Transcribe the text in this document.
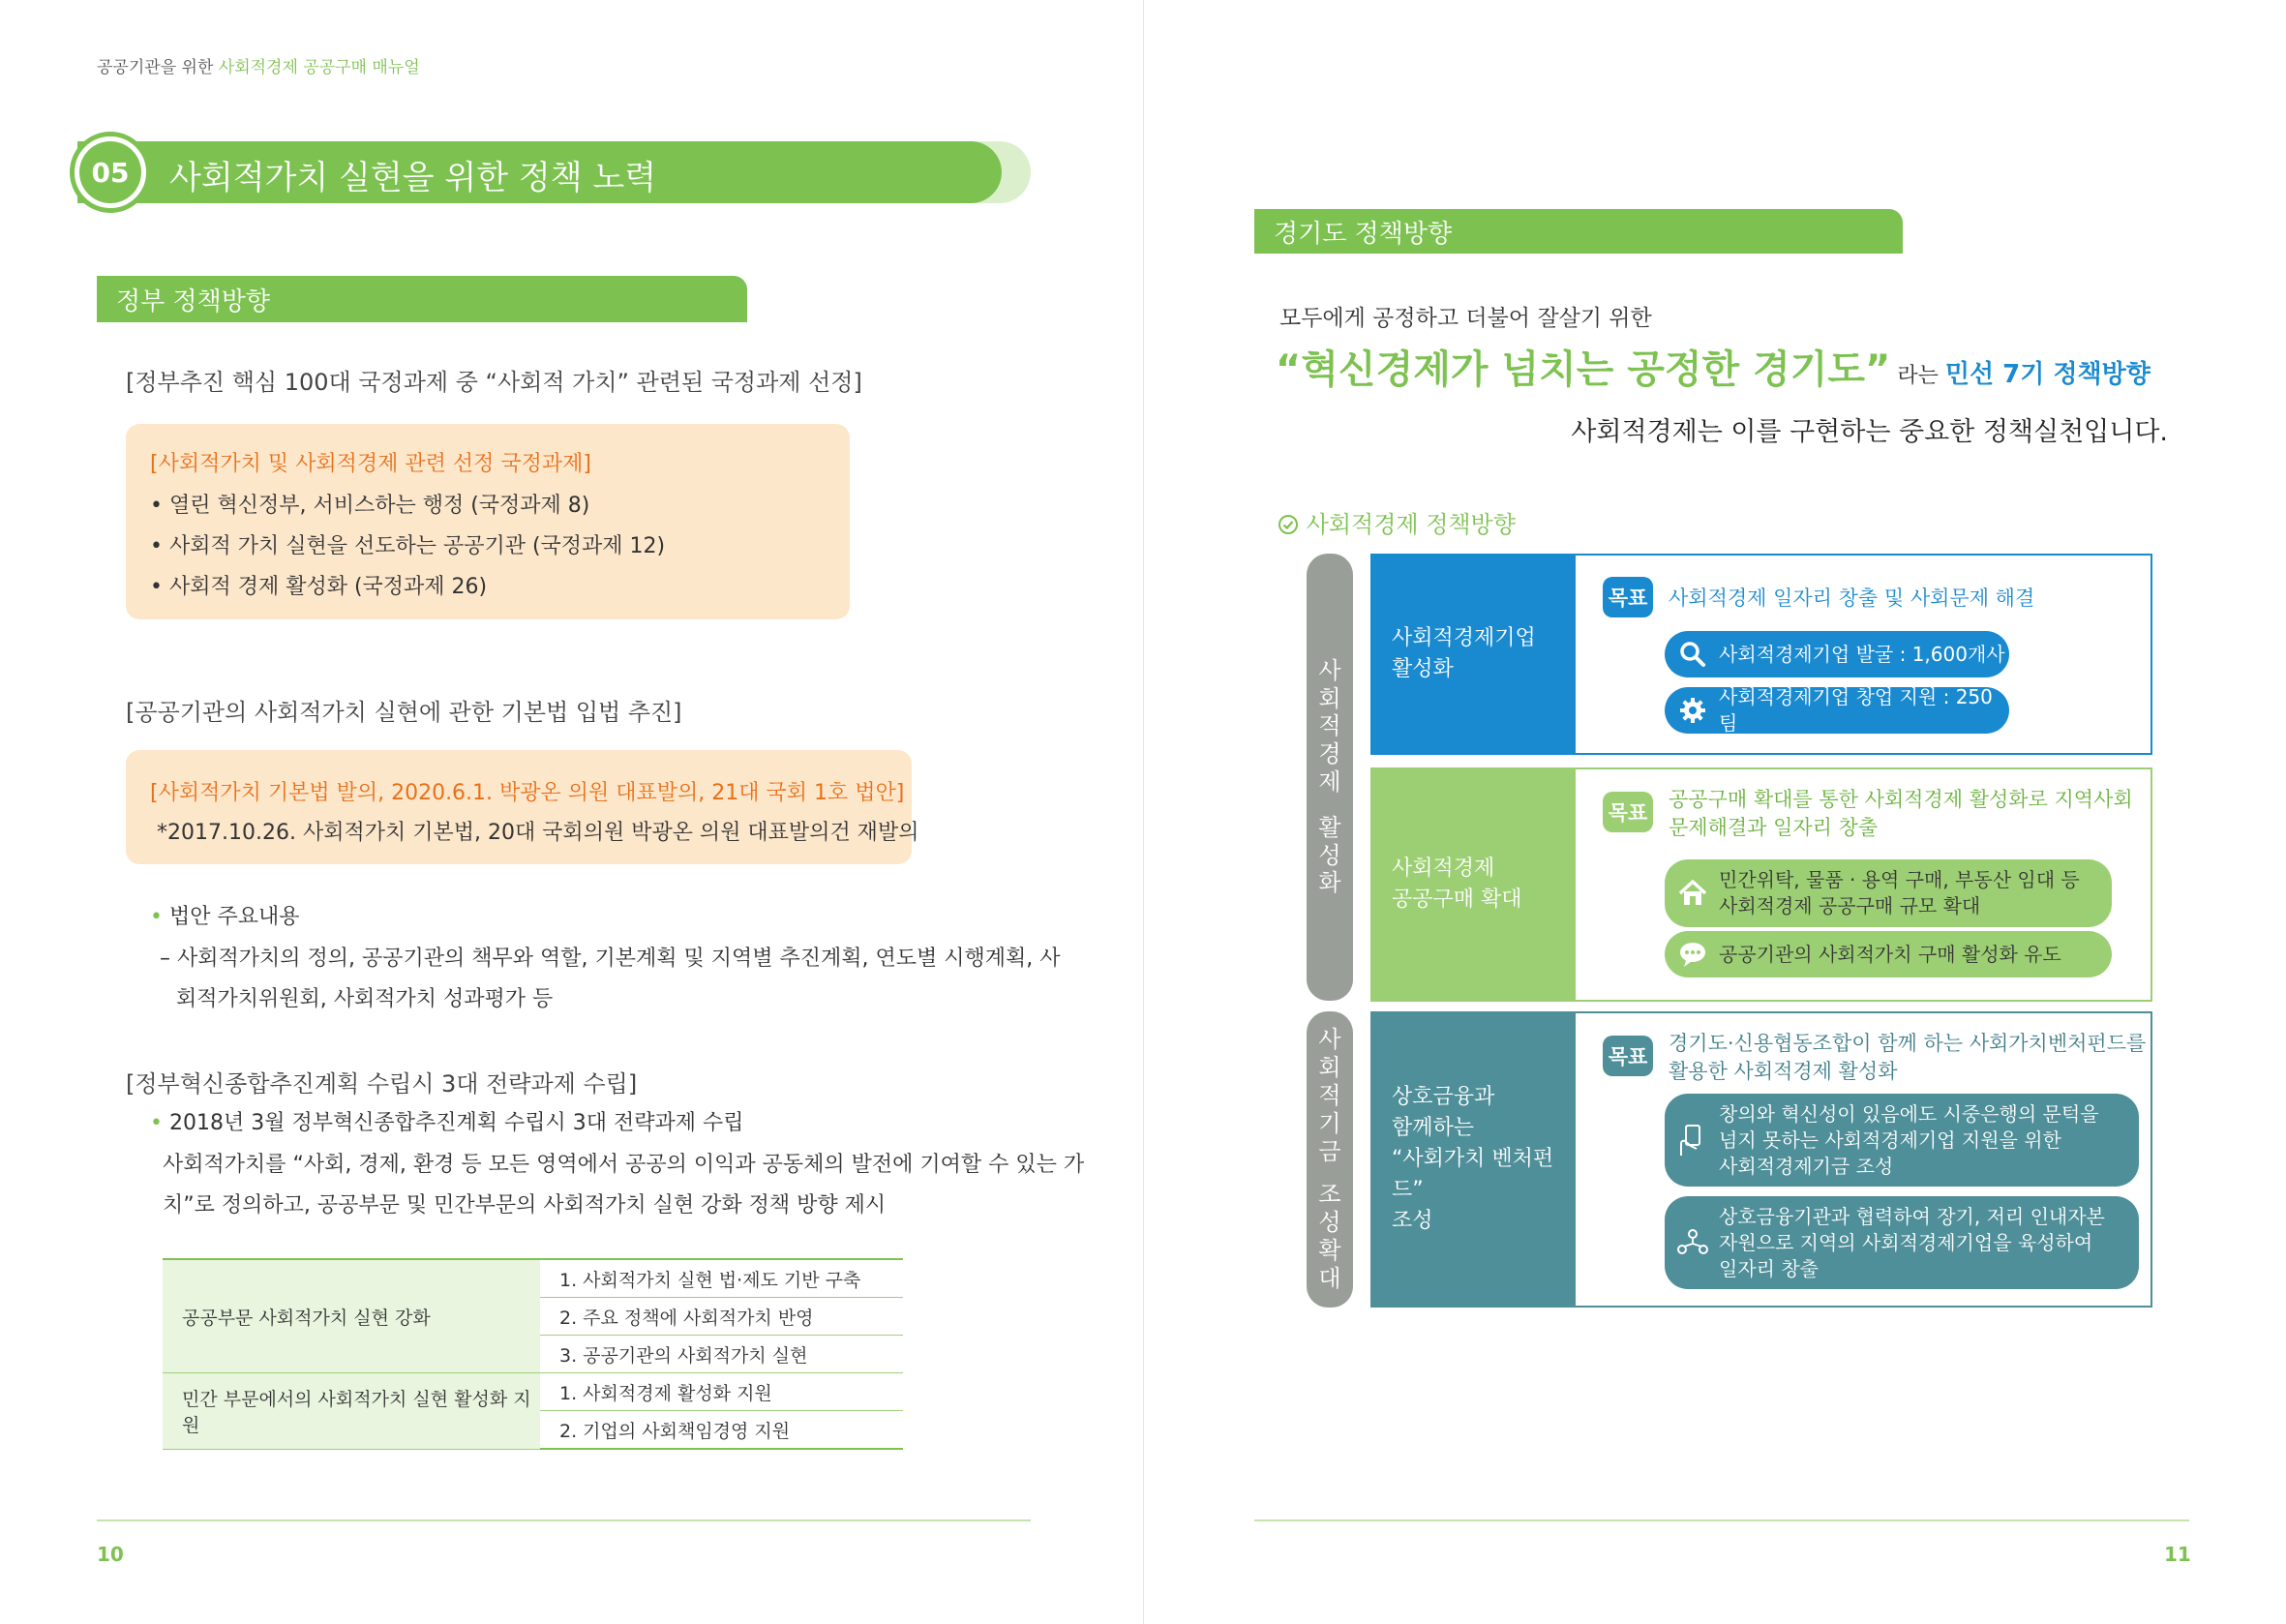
공공기관을 위한 사회적경제 공공구매 매뉴얼
05	사회적가치 실현을 위한 정책 노력
정부 정책방향
[정부추진 핵심 100대 국정과제 중 “사회적 가치” 관련된 국정과제 선정]
[사회적가치 및 사회적경제 관련 선정 국정과제]
• 열린 혁신정부, 서비스하는 행정 (국정과제 8)
• 사회적 가치 실현을 선도하는 공공기관 (국정과제 12)
• 사회적 경제 활성화 (국정과제 26)
[공공기관의 사회적가치 실현에 관한 기본법 입법 추진]
[사회적가치 기본법 발의, 2020.6.1. 박광온 의원 대표발의, 21대 국회 1호 법안]
*2017.10.26. 사회적가치 기본법, 20대 국회의원 박광온 의원 대표발의건 재발의
• 법안 주요내용
– 사회적가치의 정의, 공공기관의 책무와 역할, 기본계획 및 지역별 추진계획, 연도별 시행계획, 사
회적가치위원회, 사회적가치 성과평가 등
[정부혁신종합추진계획 수립시 3대 전략과제 수립]
• 2018년 3월 정부혁신종합추진계획 수립시 3대 전략과제 수립
사회적가치를 “사회, 경제, 환경 등 모든 영역에서 공공의 이익과 공동체의 발전에 기여할 수 있는 가
치”로 정의하고, 공공부문 및 민간부문의 사회적가치 실현 강화 정책 방향 제시
공공부문 사회적가치 실현 강화	1. 사회적가치 실현 법·제도 기반 구축
	2. 주요 정책에 사회적가치 반영
	3. 공공기관의 사회적가치 실현
민간 부문에서의 사회적가치 실현 활성화 지원	1. 사회적경제 활성화 지원
	2. 기업의 사회책임경영 지원
10
경기도 정책방향
모두에게 공정하고 더불어 잘살기 위한
“혁신경제가 넘치는 공정한 경기도” 라는 민선 7기 정책방향
사회적경제는 이를 구현하는 중요한 정책실천입니다.
사회적경제 정책방향
사
회
적
경
제
활
성
화
사
회
적
기
금
조
성
확
대
사회적경제기업
활성화
목표 사회적경제 일자리 창출 및 사회문제 해결
사회적경제기업 발굴 : 1,600개사
사회적경제기업 창업 지원 : 250팀
사회적경제
공공구매 확대
목표
공공구매 확대를 통한 사회적경제 활성화로 지역사회
문제해결과 일자리 창출
민간위탁, 물품 · 용역 구매, 부동산 임대 등
사회적경제 공공구매 규모 확대
공공기관의 사회적가치 구매 활성화 유도
상호금융과
함께하는
“사회가치 벤처펀드”
조성
목표
경기도·신용협동조합이 함께 하는 사회가치벤처펀드를
활용한 사회적경제 활성화
창의와 혁신성이 있음에도 시중은행의 문턱을
넘지 못하는 사회적경제기업 지원을 위한
사회적경제기금 조성
상호금융기관과 협력하여 장기, 저리 인내자본
자원으로 지역의 사회적경제기업을 육성하여
일자리 창출
11
